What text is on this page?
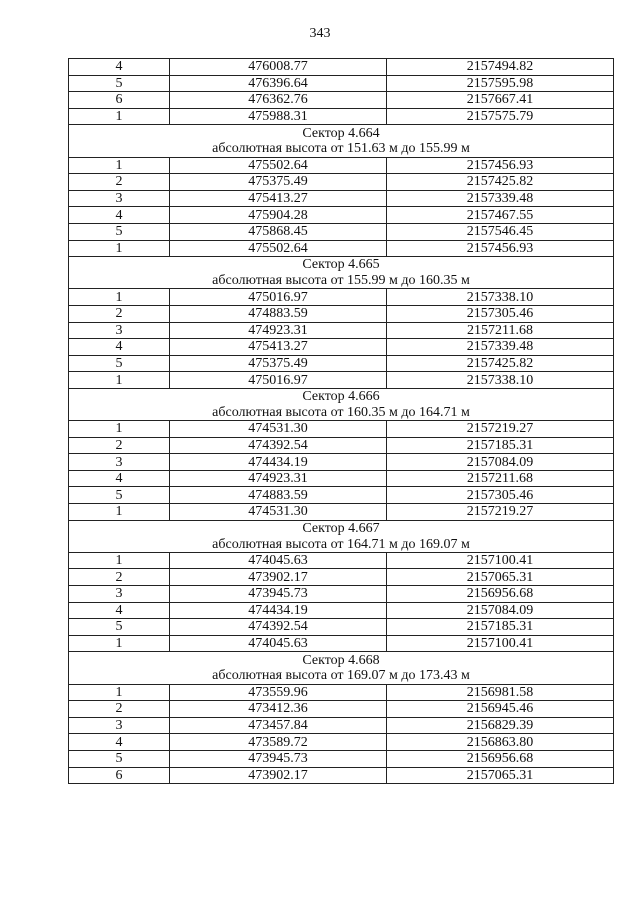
343
4	476008.77	2157494.82
5	476396.64	2157595.98
6	476362.76	2157667.41
1	475988.31	2157575.79
Сектор 4.664		
абсолютная высота от 151.63 м до 155.99 м		
1	475502.64	2157456.93
2	475375.49	2157425.82
3	475413.27	2157339.48
4	475904.28	2157467.55
5	475868.45	2157546.45
1	475502.64	2157456.93
Сектор 4.665		
абсолютная высота от 155.99 м до 160.35 м		
1	475016.97	2157338.10
2	474883.59	2157305.46
3	474923.31	2157211.68
4	475413.27	2157339.48
5	475375.49	2157425.82
1	475016.97	2157338.10
Сектор 4.666		
абсолютная высота от 160.35 м до 164.71 м		
1	474531.30	2157219.27
2	474392.54	2157185.31
3	474434.19	2157084.09
4	474923.31	2157211.68
5	474883.59	2157305.46
1	474531.30	2157219.27
Сектор 4.667		
абсолютная высота от 164.71 м до 169.07 м		
1	474045.63	2157100.41
2	473902.17	2157065.31
3	473945.73	2156956.68
4	474434.19	2157084.09
5	474392.54	2157185.31
1	474045.63	2157100.41
Сектор 4.668		
абсолютная высота от 169.07 м до 173.43 м		
1	473559.96	2156981.58
2	473412.36	2156945.46
3	473457.84	2156829.39
4	473589.72	2156863.80
5	473945.73	2156956.68
6	473902.17	2157065.31
